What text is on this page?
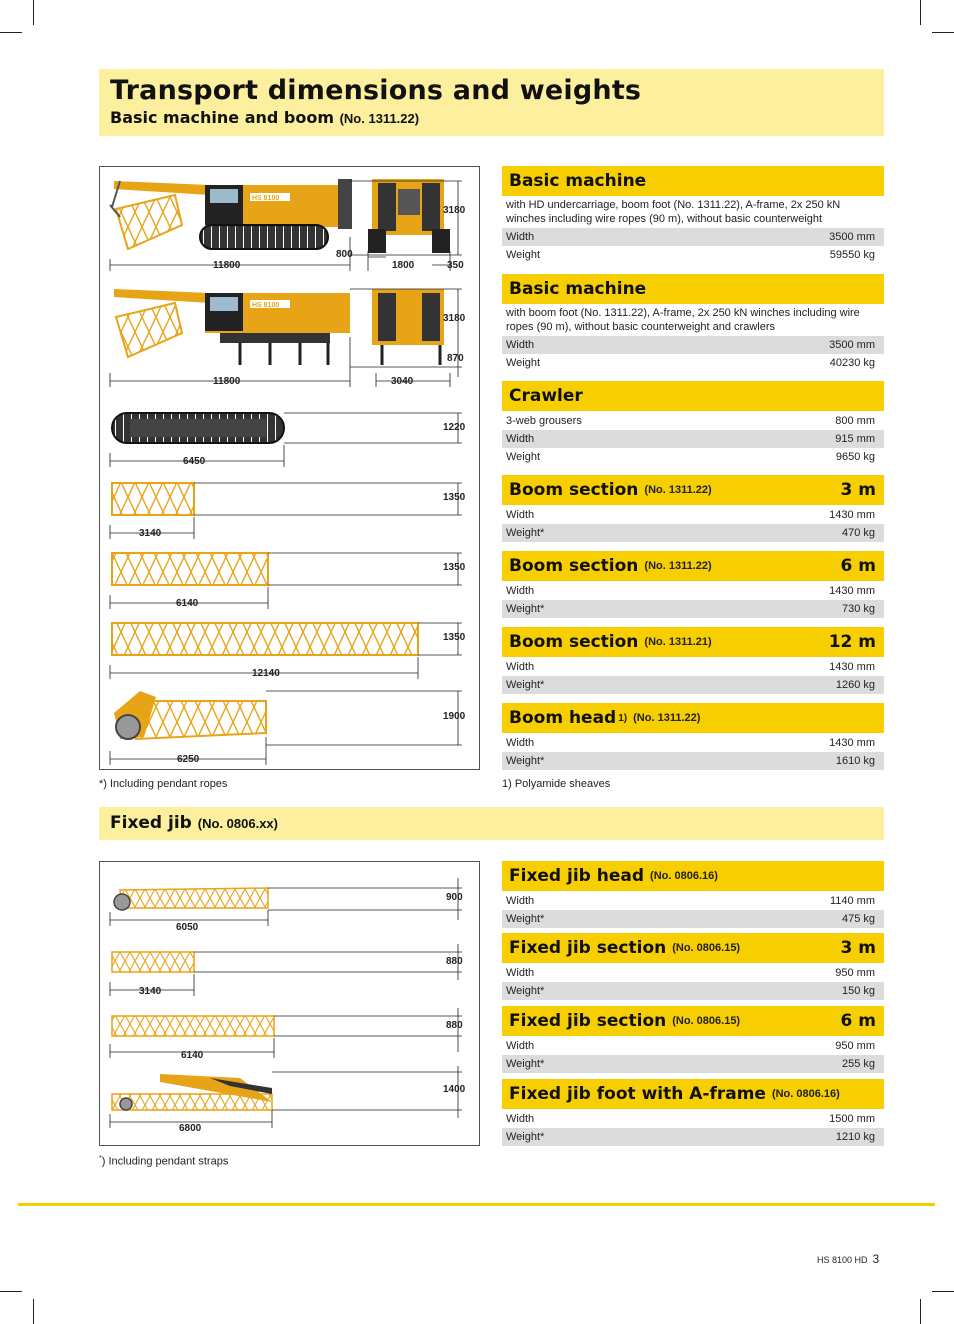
Transport dimensions and weights
Basic machine and boom (No. 1311.22)
HS 8100
11800
800
1800
3180
350
HS 8100
11800	3040
3180
870
6450
1220
3140
1350
6140
1350
12140
1350
6250
1900
*) Including pendant ropes	1) Polyamide sheaves
Basic machine
with HD undercarriage, boom foot (No. 1311.22), A-frame, 2x 250 kN winches including wire ropes (90 m), without basic counterweight
Width	3500 mm
Weight	59550 kg
Basic machine
with boom foot (No. 1311.22), A-frame, 2x 250 kN winches including wire ropes (90 m), without basic counterweight and crawlers
Width	3500 mm
Weight	40230 kg
Crawler
3-web grousers	800 mm
Width	915 mm
Weight	9650 kg
Boom section (No. 1311.22)	3 m
Width	1430 mm
Weight*	470 kg
Boom section (No. 1311.22)	6 m
Width	1430 mm
Weight*	730 kg
Boom section (No. 1311.21)	12 m
Width	1430 mm
Weight*	1260 kg
Boom head 1) (No. 1311.22)
Width	1430 mm
Weight*	1610 kg
Fixed jib (No. 0806.xx)
6050
900
3140
880
6140
880
6800
1400
*) Including pendant straps
Fixed jib head (No. 0806.16)
Width	1140 mm
Weight*	475 kg
Fixed jib section (No. 0806.15)	3 m
Width	950 mm
Weight*	150 kg
Fixed jib section (No. 0806.15)	6 m
Width	950 mm
Weight*	255 kg
Fixed jib foot with A-frame (No. 0806.16)
Width	1500 mm
Weight*	1210 kg
HS 8100 HD 3
